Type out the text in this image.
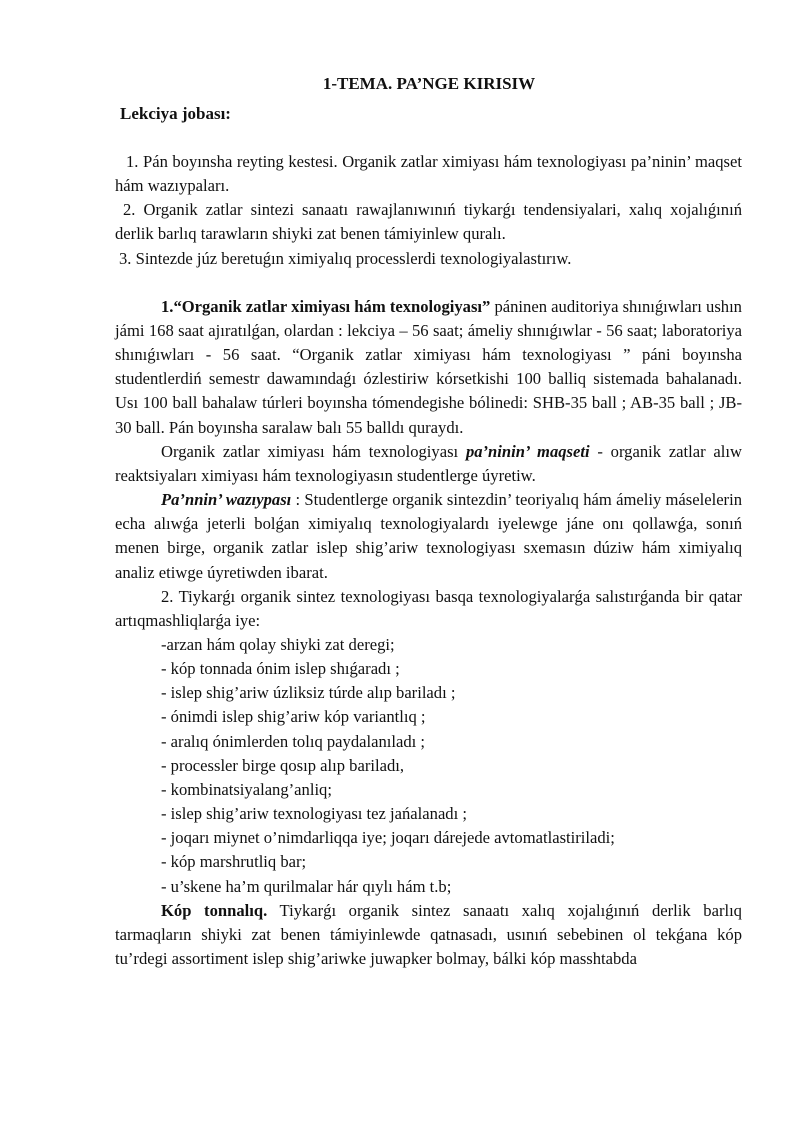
1-TEMA. PA’NGE KIRISIW
Lekciya jobası:

1. Pán boyınsha reyting kestesi. Organik zatlar ximiyası hám texnologiyası pa’ninin’ maqset hám wazıypaları.

2. Organik zatlar sintezi sanaatı rawajlanıwınıń tiykarǵı tendensiyalari, xalıq xojalıǵınıń derlik barlıq tarawların shiyki zat benen támiyinlew quralı.

3. Sintezde júz beretuǵın ximiyalıq processlerdi texnologiyalastırıw.

1.“Organik zatlar ximiyası hám texnologiyası” páninen auditoriya shınıǵıwları ushın jámi 168 saat ajıratılǵan, olardan : lekciya – 56 saat; ámeliy shınıǵıwlar - 56 saat; laboratoriya shınıǵıwları - 56 saat. “Organik zatlar ximiyası hám texnologiyası ” páni boyınsha studentlerdiń semestr dawamındaǵı ózlestiriw kórsetkishi 100 balliq sistemada bahalanadı. Usı 100 ball bahalaw túrleri boyınsha tómendegishe bólinedi: SHB-35 ball ; AB-35 ball ; JB-30 ball. Pán boyınsha saralaw balı 55 balldı quraydı.

Organik zatlar ximiyası hám texnologiyası pa’ninin’ maqseti - organik zatlar alıw reaktsiyaları ximiyası hám texnologiyasın studentlerge úyretiw.

Pa’nnin’ wazıypası : Studentlerge organik sintezdin’ teoriyalıq hám ámeliy máselelerin echa alıwǵa jeterli bolǵan ximiyalıq texnologiyalardı iyelewge jáne onı qollawǵa, sonıń menen birge, organik zatlar islep shig’ariw texnologiyası sxemasın dúziw hám ximiyalıq analiz etiwge úyretiwden ibarat.

2. Tiykarǵı organik sintez texnologiyası basqa texnologiyalarǵa salıstırǵanda bir qatar artıqmashliqlarǵa iye:

-arzan hám qolay shiyki zat deregi;

- kóp tonnada ónim islep shıǵaradı ;

- islep shig’ariw úzliksiz túrde alıp bariladı ;

- ónimdi islep shig’ariw kóp variantlıq ;

- aralıq ónimlerden tolıq paydalanıladı ;

- processler birge qosıp alıp bariladı,

- kombinatsiyalang’anliq;

- islep shig’ariw texnologiyası tez jańalanadı ;

- joqarı miynet o’nimdarliqqa iye; joqarı dárejede avtomatlastiriladi;

- kóp marshrutliq bar;

- u’skene ha’m qurilmalar hár qıylı hám t.b;

Kóp tonnalıq. Tiykarǵı organik sintez sanaatı xalıq xojalıǵınıń derlik barlıq tarmaqların shiyki zat benen támiyinlewde qatnasadı, usınıń sebebinen ol tekǵana kóp tu’rdegi assortiment islep shig’ariwke juwapker bolmay, bálki kóp masshtabda
